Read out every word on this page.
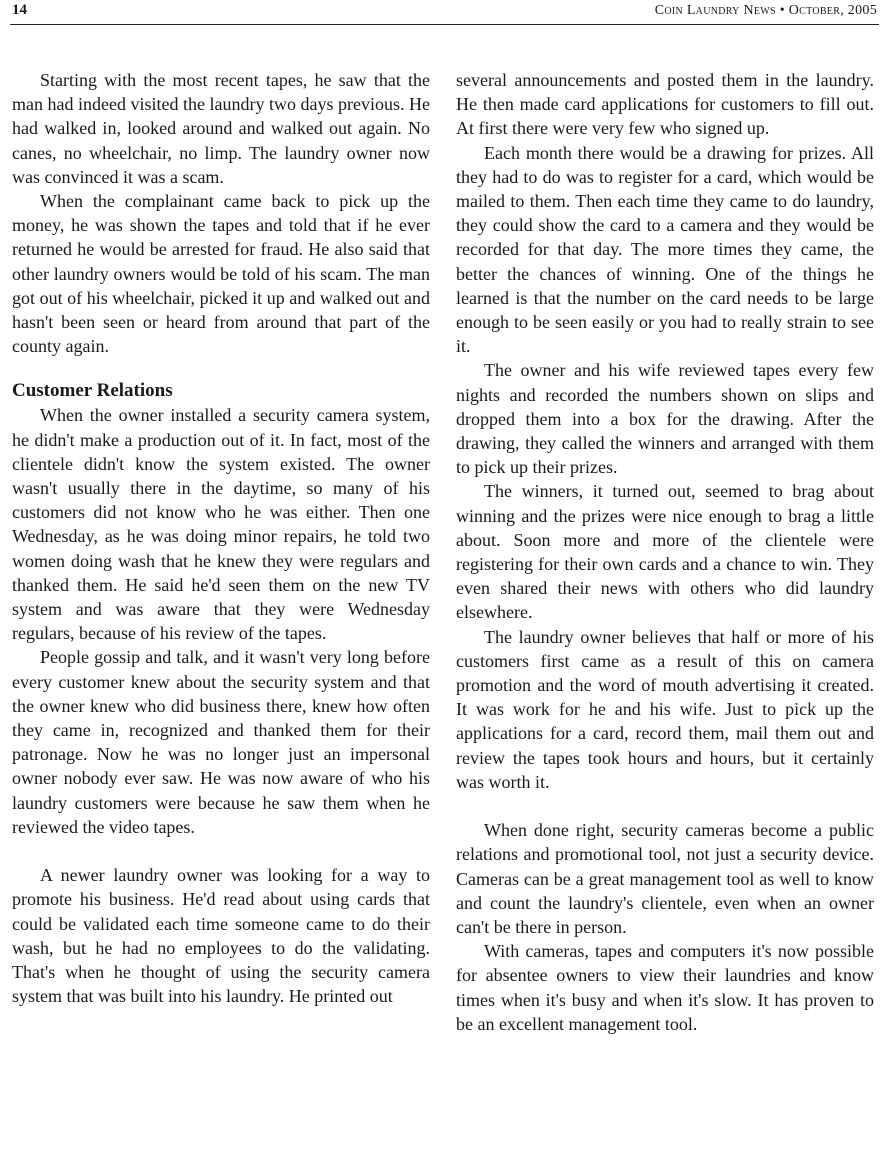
14	Coin Laundry News • October, 2005

Starting with the most recent tapes, he saw that the man had indeed visited the laundry two days previous. He had walked in, looked around and walked out again. No canes, no wheelchair, no limp. The laundry owner now was convinced it was a scam.

When the complainant came back to pick up the money, he was shown the tapes and told that if he ever returned he would be arrested for fraud. He also said that other laundry owners would be told of his scam. The man got out of his wheelchair, picked it up and walked out and hasn't been seen or heard from around that part of the county again.

Customer Relations

When the owner installed a security camera system, he didn't make a production out of it. In fact, most of the clientele didn't know the system existed. The owner wasn't usually there in the daytime, so many of his customers did not know who he was either. Then one Wednesday, as he was doing minor repairs, he told two women doing wash that he knew they were regulars and thanked them. He said he'd seen them on the new TV system and was aware that they were Wednesday regulars, because of his review of the tapes.

People gossip and talk, and it wasn't very long before every customer knew about the security system and that the owner knew who did business there, knew how often they came in, recognized and thanked them for their patronage. Now he was no longer just an impersonal owner nobody ever saw. He was now aware of who his laundry customers were because he saw them when he reviewed the video tapes.

A newer laundry owner was looking for a way to promote his business. He'd read about using cards that could be validated each time someone came to do their wash, but he had no employees to do the validating. That's when he thought of using the security camera system that was built into his laundry. He printed out

several announcements and posted them in the laundry. He then made card applications for customers to fill out. At first there were very few who signed up.

Each month there would be a drawing for prizes. All they had to do was to register for a card, which would be mailed to them. Then each time they came to do laundry, they could show the card to a camera and they would be recorded for that day. The more times they came, the better the chances of winning. One of the things he learned is that the number on the card needs to be large enough to be seen easily or you had to really strain to see it.

The owner and his wife reviewed tapes every few nights and recorded the numbers shown on slips and dropped them into a box for the drawing. After the drawing, they called the winners and arranged with them to pick up their prizes.

The winners, it turned out, seemed to brag about winning and the prizes were nice enough to brag a little about. Soon more and more of the clientele were registering for their own cards and a chance to win. They even shared their news with others who did laundry elsewhere.

The laundry owner believes that half or more of his customers first came as a result of this on camera promotion and the word of mouth advertising it created. It was work for he and his wife. Just to pick up the applications for a card, record them, mail them out and review the tapes took hours and hours, but it certainly was worth it.

When done right, security cameras become a public relations and promotional tool, not just a security device. Cameras can be a great management tool as well to know and count the laundry's clientele, even when an owner can't be there in person.

With cameras, tapes and computers it's now possible for absentee owners to view their laundries and know times when it's busy and when it's slow. It has proven to be an excellent management tool.
